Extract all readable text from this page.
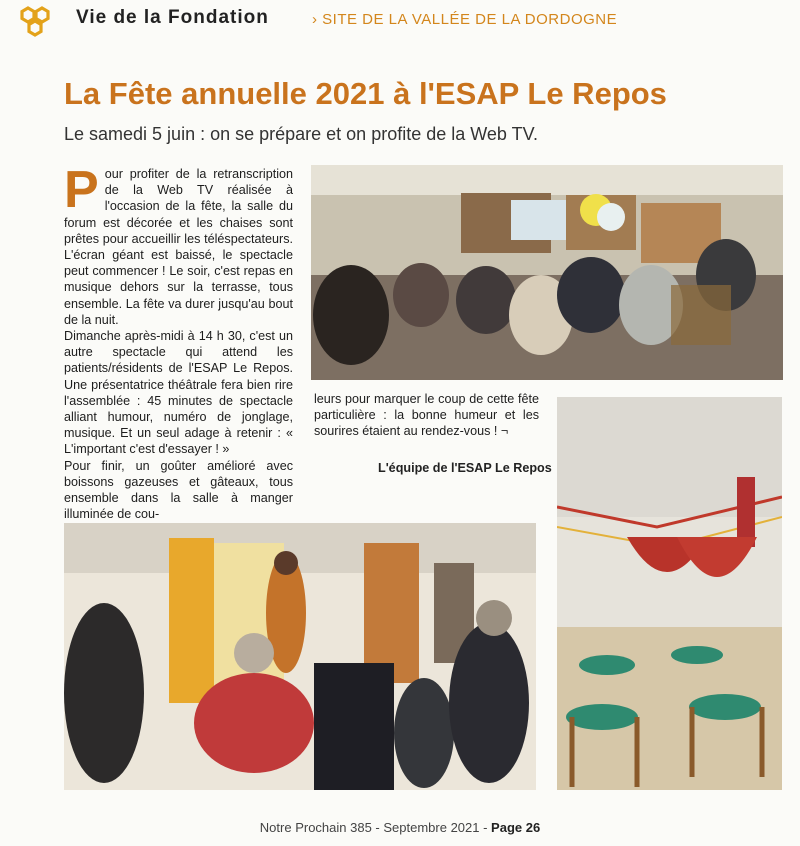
Vie de la Fondation	› SITE DE LA VALLÉE DE LA DORDOGNE
La Fête annuelle 2021 à l'ESAP Le Repos
Le samedi 5 juin : on se prépare et on profite de la Web TV.
P our profiter de la retranscription de la Web TV réalisée à l'occasion de la fête, la salle du forum est décorée et les chaises sont prêtes pour accueillir les téléspectateurs. L'écran géant est baissé, le spectacle peut commencer ! Le soir, c'est repas en musique dehors sur la terrasse, tous ensemble. La fête va durer jusqu'au bout de la nuit.

Dimanche après-midi à 14 h 30, c'est un autre spectacle qui attend les patients/résidents de l'ESAP Le Repos. Une présentatrice théâtrale fera bien rire l'assemblée : 45 minutes de spectacle alliant humour, numéro de jonglage, musique. Et un seul adage à retenir : « L'important c'est d'essayer ! »

Pour finir, un goûter amélioré avec boissons gazeuses et gâteaux, tous ensemble dans la salle à manger illuminée de cou-

leurs pour marquer le coup de cette fête particulière : la bonne humeur et les sourires étaient au rendez-vous ! ¬

L'équipe de l'ESAP Le Repos
Notre Prochain 385 - Septembre 2021 - Page 26
